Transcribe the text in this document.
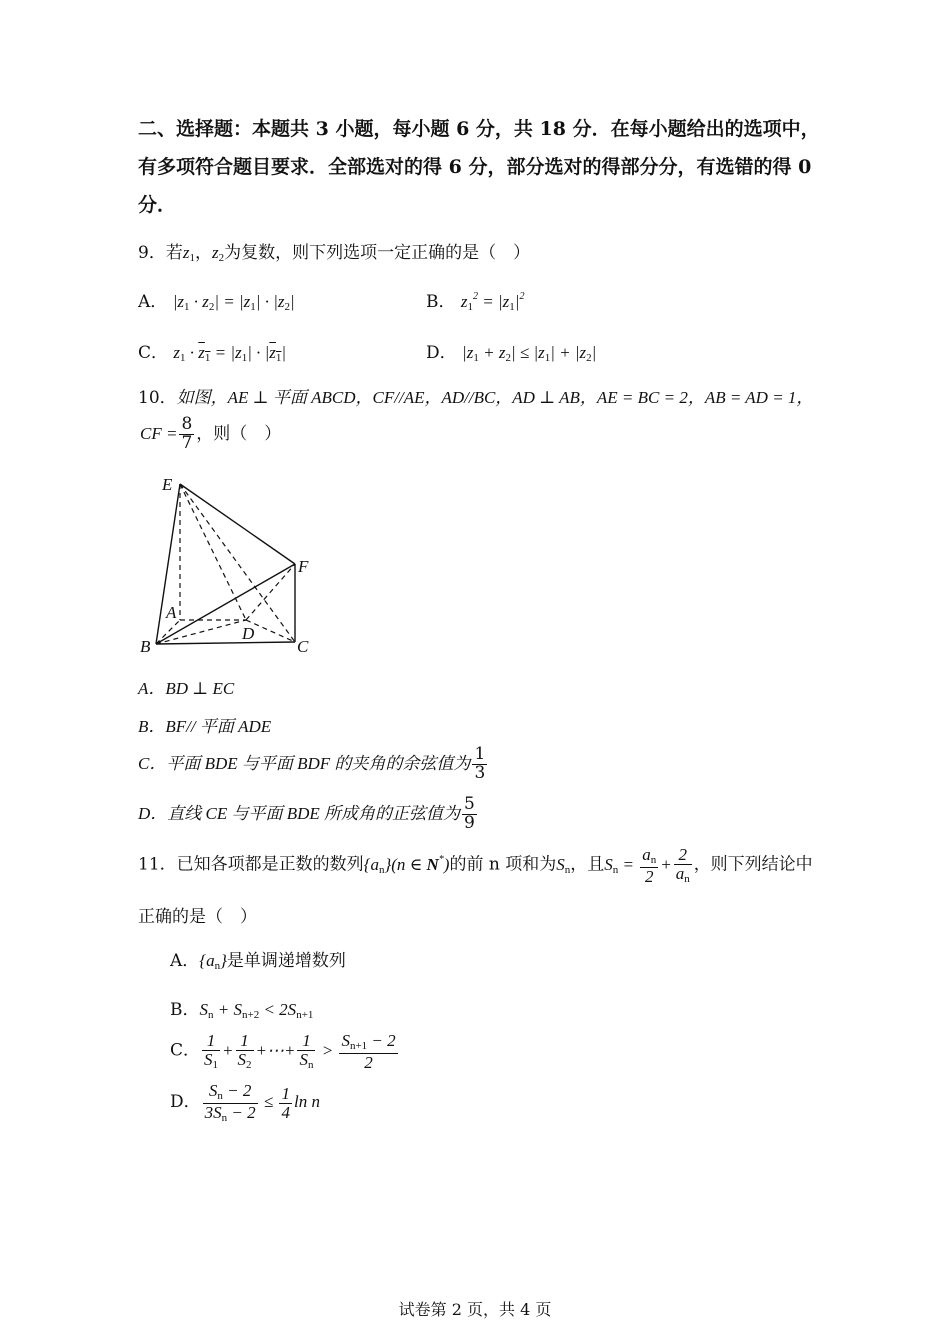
二、选择题：本题共 3 小题，每小题 6 分，共 18 分．在每小题给出的选项中，
有多项符合题目要求．全部选对的得 6 分，部分选对的得部分分，有选错的得 0
分．
9．若$z_1$，$z_2$为复数，则下列选项一定正确的是（　）
A． $|z_1 \cdot z_2| = |z_1| \cdot |z_2|$	B． $z_1^2 = |z_1|^2$
C． $z_1 \cdot z_1 = |z_1| \cdot |z_1|$	D． $|z_1 + z_2| \le |z_1| + |z_2|$
10．如图，AE ⊥ 平面 ABCD，CF//AE，AD//BC，AD ⊥ AB，AE = BC = 2，AB = AD = 1，
CF = $\frac{8}{7}$ ，则（　）
E
F
A
D
B	C
A．BD ⊥ EC
B．BF// 平面 ADE
C．平面 BDE 与平面 BDF 的夹角的余弦值为 $\frac{1}{3}$
D．直线 CE 与平面 BDE 所成角的正弦值为 $\frac{5}{9}$
11．已知各项都是正数的数列$\{a_n\}(n$ ∈ N*)的前 n 项和为$S_n$，且$S_n = \frac{a_n}{2} + \frac{2}{a_n}$ ，则下列结论中
正确的是（　）
A．$\{a_n\}$是单调递增数列
B．$S_n + S_{n+2} < 2S_{n+1}$
C． $\frac{1}{S_1} + \frac{1}{S_2}$ +⋯+ $\frac{1}{S_n} > \frac{S_{n+1} - 2}{2}$
D． $\frac{S_n - 2}{3S_n - 2} \le \frac{1}{4}$ ln n
试卷第 2 页，共 4 页
